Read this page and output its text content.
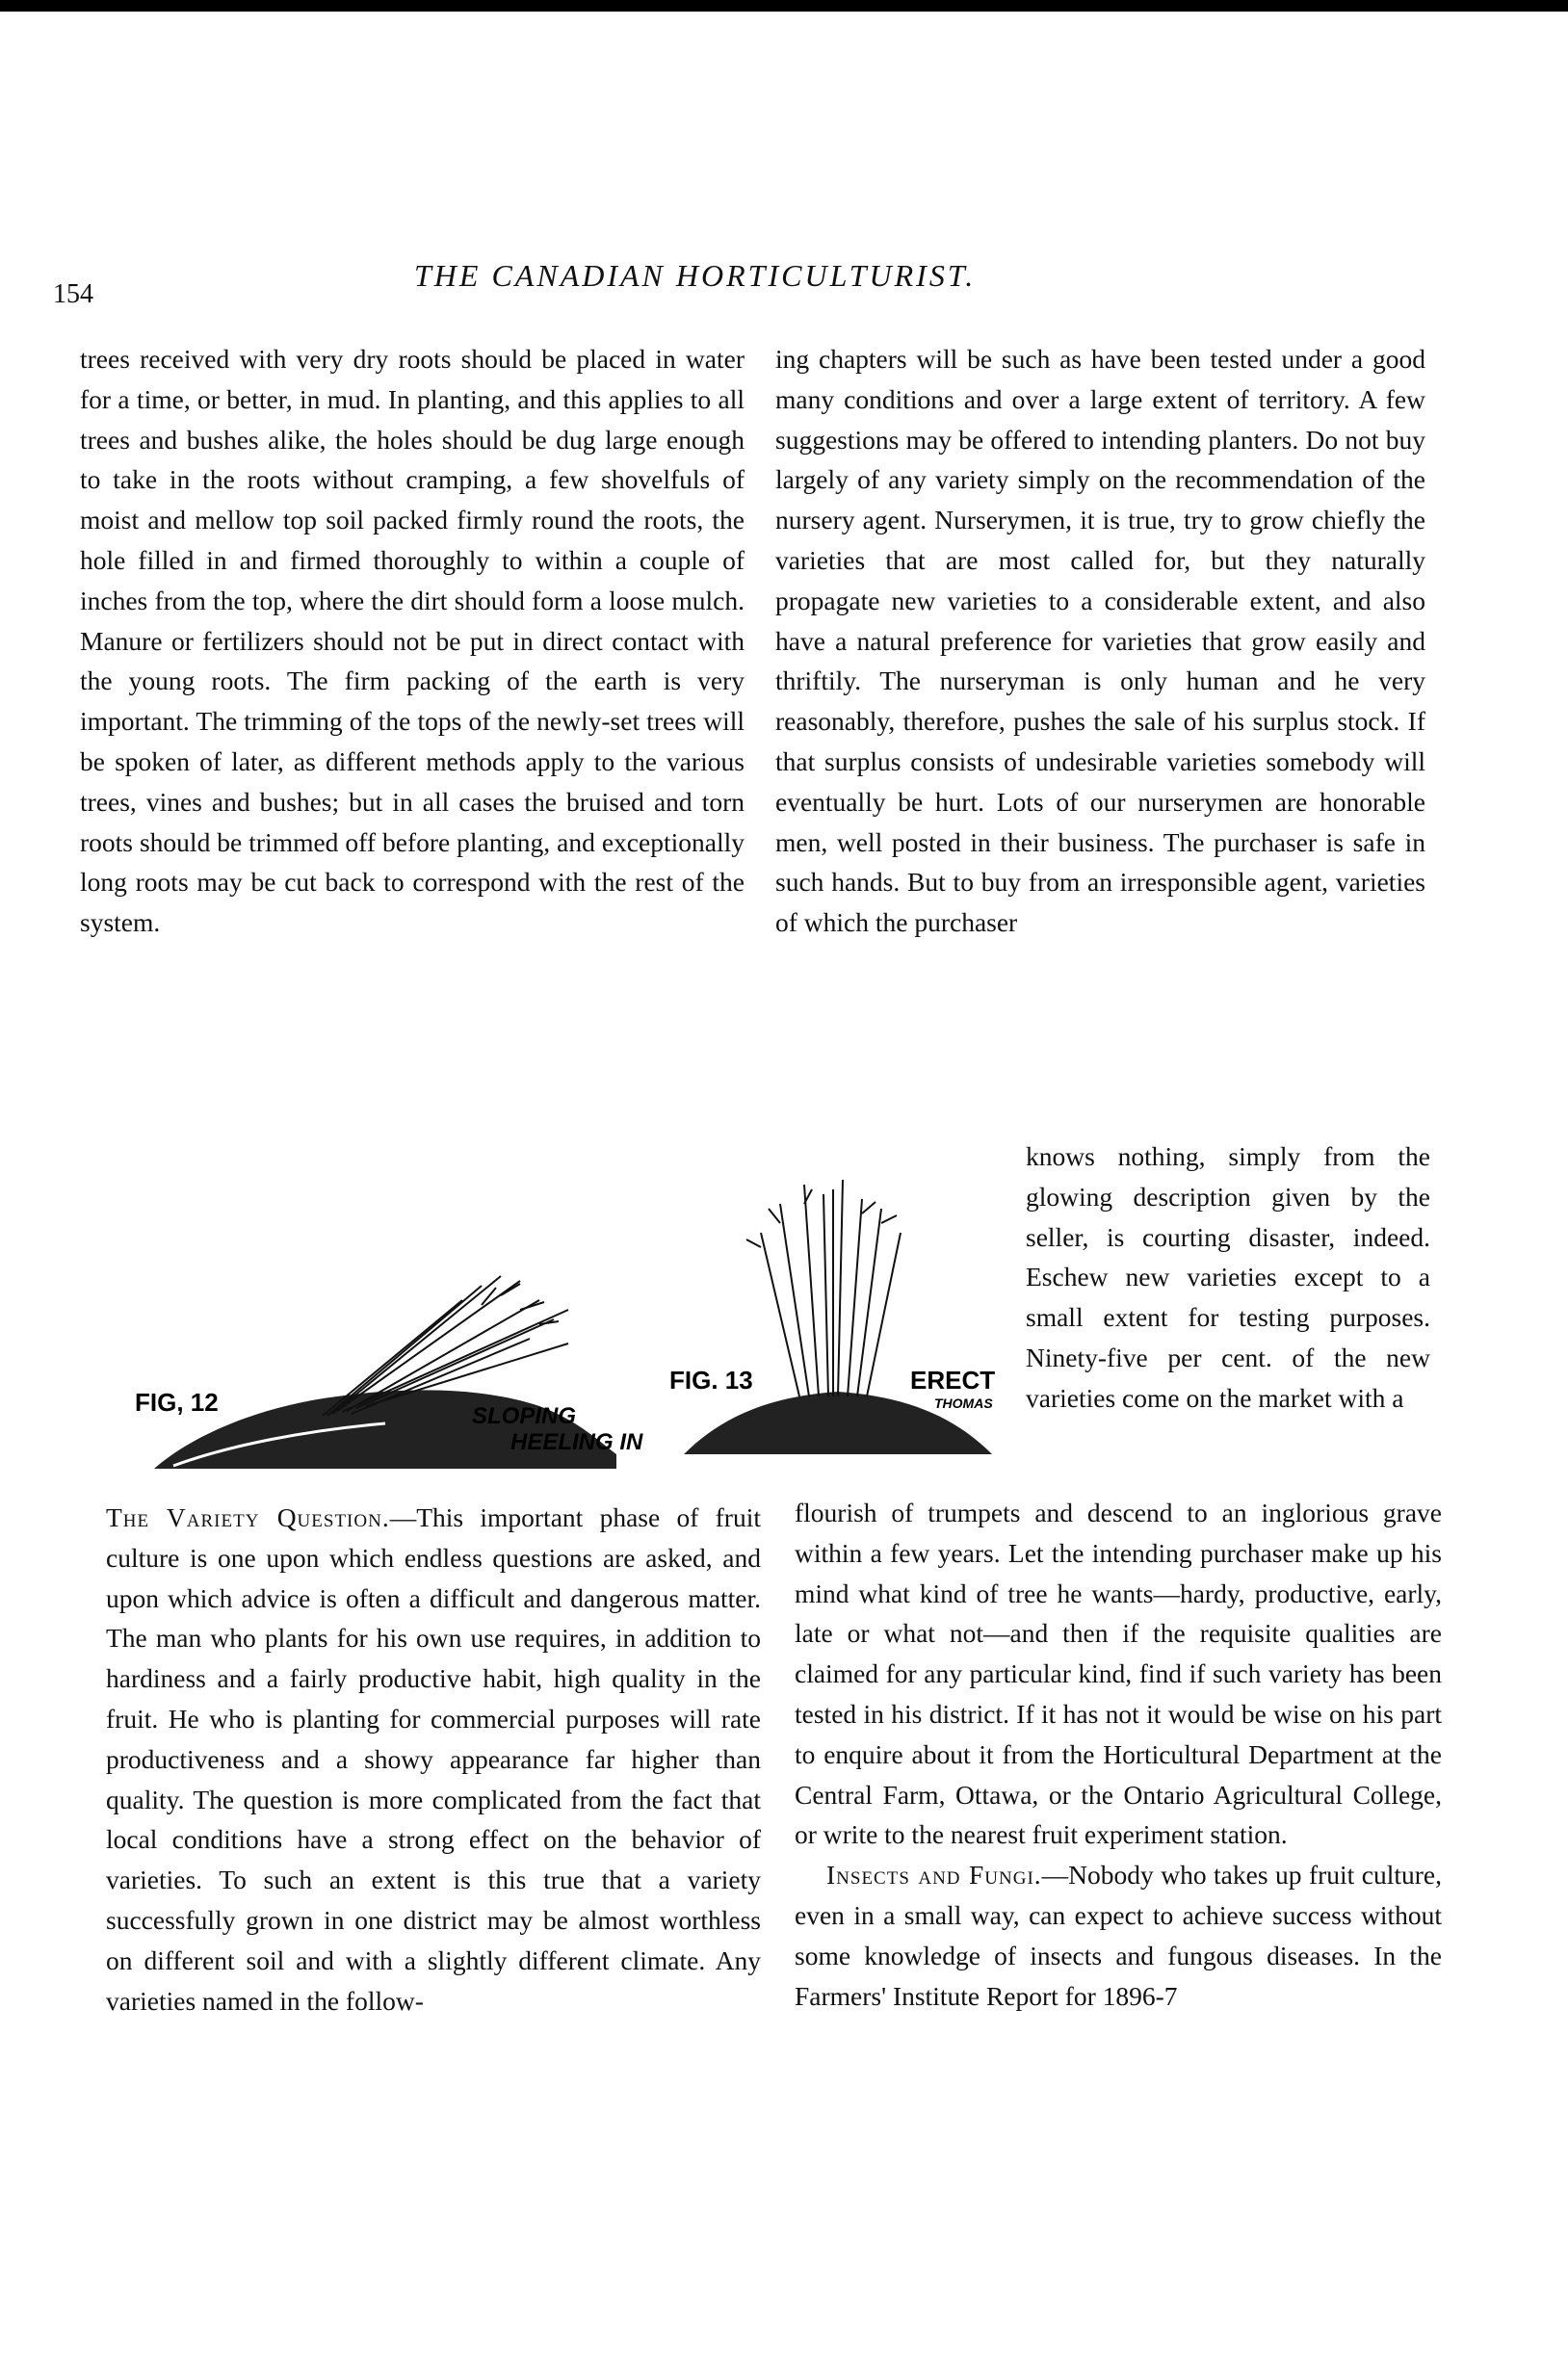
154
THE CANADIAN HORTICULTURIST.

trees received with very dry roots should be placed in water for a time, or better, in mud. In planting, and this applies to all trees and bushes alike, the holes should be dug large enough to take in the roots without cramping, a few shovelfuls of moist and mellow top soil packed firmly round the roots, the hole filled in and firmed thoroughly to within a couple of inches from the top, where the dirt should form a loose mulch. Manure or fertilizers should not be put in direct contact with the young roots. The firm packing of the earth is very important. The trimming of the tops of the newly-set trees will be spoken of later, as different methods apply to the various trees, vines and bushes; but in all cases the bruised and torn roots should be trimmed off before planting, and exceptionally long roots may be cut back to correspond with the rest of the system.

ing chapters will be such as have been tested under a good many conditions and over a large extent of territory. A few suggestions may be offered to intending planters. Do not buy largely of any variety simply on the recommendation of the nursery agent. Nurserymen, it is true, try to grow chiefly the varieties that are most called for, but they naturally propagate new varieties to a considerable extent, and also have a natural preference for varieties that grow easily and thriftily. The nurseryman is only human and he very reasonably, therefore, pushes the sale of his surplus stock. If that surplus consists of undesirable varieties somebody will eventually be hurt. Lots of our nurserymen are honorable men, well posted in their business. The purchaser is safe in such hands. But to buy from an irresponsible agent, varieties of which the purchaser

knows nothing, simply from the glowing description given by the seller, is courting disaster, indeed. Eschew new varieties except to a small extent for testing purposes. Ninety-five per cent. of the new varieties come on the market with a

FIG, 12	SLOPING
HEELING IN
FIG. 13	ERECT
THOMAS

The Variety Question.—This important phase of fruit culture is one upon which endless questions are asked, and upon which advice is often a difficult and dangerous matter. The man who plants for his own use requires, in addition to hardiness and a fairly productive habit, high quality in the fruit. He who is planting for commercial purposes will rate productiveness and a showy appearance far higher than quality. The question is more complicated from the fact that local conditions have a strong effect on the behavior of varieties. To such an extent is this true that a variety successfully grown in one district may be almost worthless on different soil and with a slightly different climate. Any varieties named in the follow-

flourish of trumpets and descend to an inglorious grave within a few years. Let the intending purchaser make up his mind what kind of tree he wants—hardy, productive, early, late or what not—and then if the requisite qualities are claimed for any particular kind, find if such variety has been tested in his district. If it has not it would be wise on his part to enquire about it from the Horticultural Department at the Central Farm, Ottawa, or the Ontario Agricultural College, or write to the nearest fruit experiment station.

Insects and Fungi.—Nobody who takes up fruit culture, even in a small way, can expect to achieve success without some knowledge of insects and fungous diseases. In the Farmers' Institute Report for 1896-7
